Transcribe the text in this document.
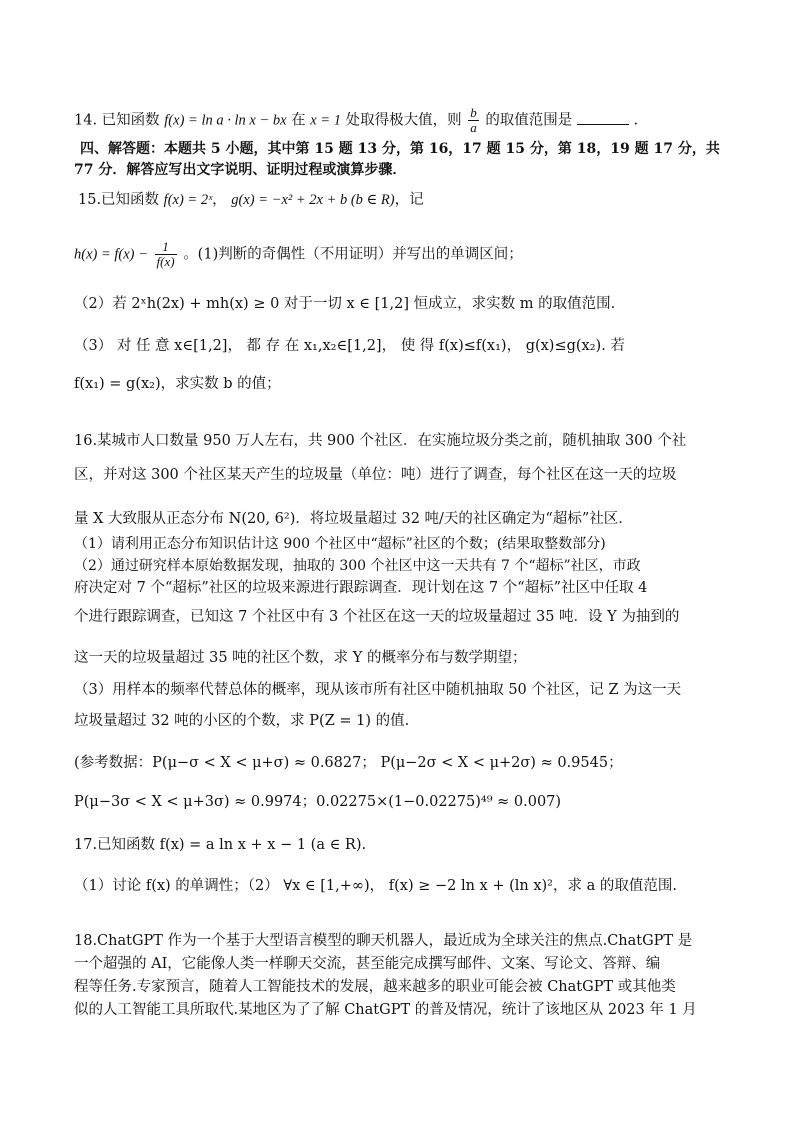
14. 已知函数 f(x) = ln a · ln x − bx 在 x = 1 处取得极大值，则 $\frac{b}{a}$ 的取值范围是	.
四、解答题：本题共 5 小题，其中第 15 题 13 分，第 16，17 题 15 分，第 18，19 题 17 分，共
77 分．解答应写出文字说明、证明过程或演算步骤．
15.已知函数 f(x) = 2ˣ， g(x) = −x² + 2x + b (b ∈ R)，记
$h(x) = f(x) - \frac{1}{f(x)}$ 。(1)判断的奇偶性（不用证明）并写出的单调区间；
（2）若 2ˣh(2x) + mh(x) ≥ 0 对于一切 x ∈ [1,2] 恒成立，求实数 m 的取值范围.
（3） 对 任 意 x∈[1,2]， 都 存 在 x₁,x₂∈[1,2]， 使 得 f(x)≤f(x₁)， g(x)≤g(x₂). 若
f(x₁) = g(x₂)，求实数 b 的值；
16.某城市人口数量 950 万人左右，共 900 个社区．在实施垃圾分类之前，随机抽取 300 个社
区，并对这 300 个社区某天产生的垃圾量（单位：吨）进行了调查，每个社区在这一天的垃圾
量 X 大致服从正态分布 N(20, 6²)．将垃圾量超过 32 吨/天的社区确定为“超标”社区．
（1）请利用正态分布知识估计这 900 个社区中“超标”社区的个数；(结果取整数部分)
（2）通过研究样本原始数据发现，抽取的 300 个社区中这一天共有 7 个“超标”社区，市政
府决定对 7 个“超标”社区的垃圾来源进行跟踪调查．现计划在这 7 个“超标”社区中任取 4
个进行跟踪调查，已知这 7 个社区中有 3 个社区在这一天的垃圾量超过 35 吨．设 Y 为抽到的
这一天的垃圾量超过 35 吨的社区个数，求 Y 的概率分布与数学期望；
（3）用样本的频率代替总体的概率，现从该市所有社区中随机抽取 50 个社区，记 Z 为这一天
垃圾量超过 32 吨的小区的个数，求 P(Z = 1) 的值.
(参考数据：P(μ−σ < X < μ+σ) ≈ 0.6827； P(μ−2σ < X < μ+2σ) ≈ 0.9545；
P(μ−3σ < X < μ+3σ) ≈ 0.9974；0.02275×(1−0.02275)⁴⁹ ≈ 0.007)
17.已知函数 f(x) = a ln x + x − 1 (a ∈ R).
（1）讨论 f(x) 的单调性；（2） ∀x ∈ [1,+∞)， f(x) ≥ −2 ln x + (ln x)²，求 a 的取值范围.
18.ChatGPT 作为一个基于大型语言模型的聊天机器人，最近成为全球关注的焦点.ChatGPT 是
一个超强的 AI，它能像人类一样聊天交流，甚至能完成撰写邮件、文案、写论文、答辩、编
程等任务.专家预言，随着人工智能技术的发展，越来越多的职业可能会被 ChatGPT 或其他类
似的人工智能工具所取代.某地区为了了解 ChatGPT 的普及情况，统计了该地区从 2023 年 1 月
